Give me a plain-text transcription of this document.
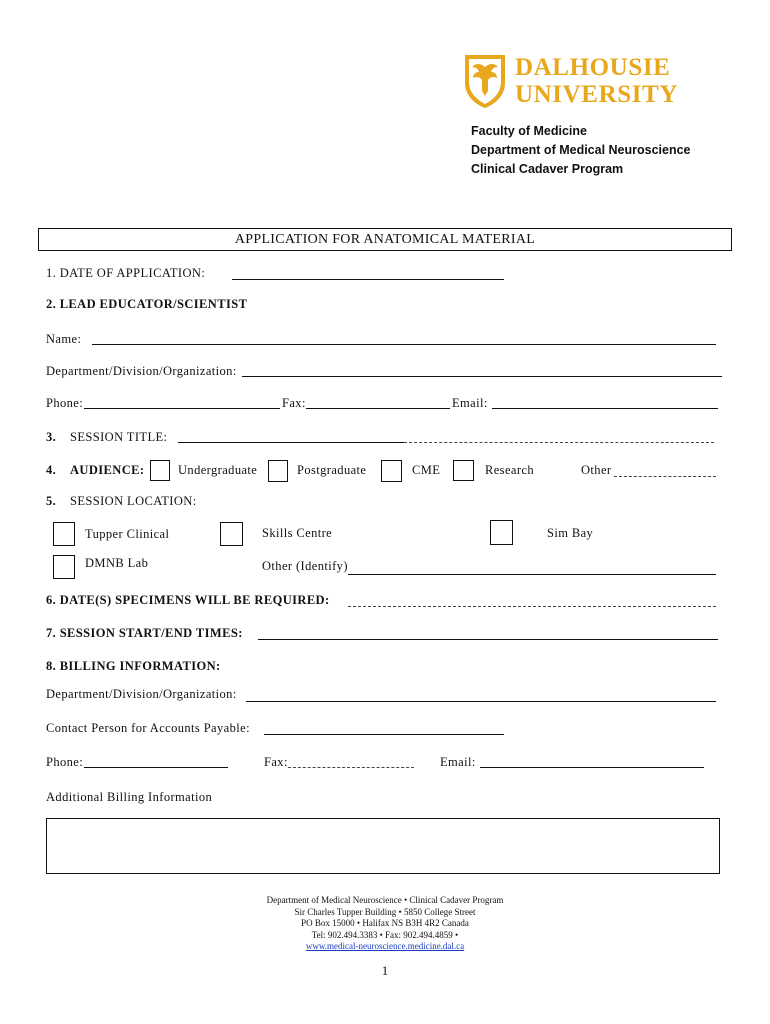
DALHOUSIE
UNIVERSITY
Faculty of Medicine
Department of Medical Neuroscience
Clinical Cadaver Program
APPLICATION FOR ANATOMICAL MATERIAL
1. DATE OF APPLICATION:
2. LEAD EDUCATOR/SCIENTIST
Name:
Department/Division/Organization:
Phone:	Fax:	Email:
3. SESSION TITLE:
4. AUDIENCE:	Undergraduate	Postgraduate	CME	Research	Other
5. SESSION LOCATION:
Tupper Clinical	Skills Centre	Sim Bay
DMNB Lab	Other (Identify)
6. DATE(S) SPECIMENS WILL BE REQUIRED:
7. SESSION START/END TIMES:
8. BILLING INFORMATION:
Department/Division/Organization:
Contact Person for Accounts Payable:
Phone:	Fax:	Email:
Additional Billing Information
Department of Medical Neuroscience • Clinical Cadaver Program
Sir Charles Tupper Building • 5850 College Street
PO Box 15000 • Halifax NS B3H 4R2 Canada
Tel: 902.494.3383 • Fax: 902.494.4859 •
www.medical-neuroscience.medicine.dal.ca
1
